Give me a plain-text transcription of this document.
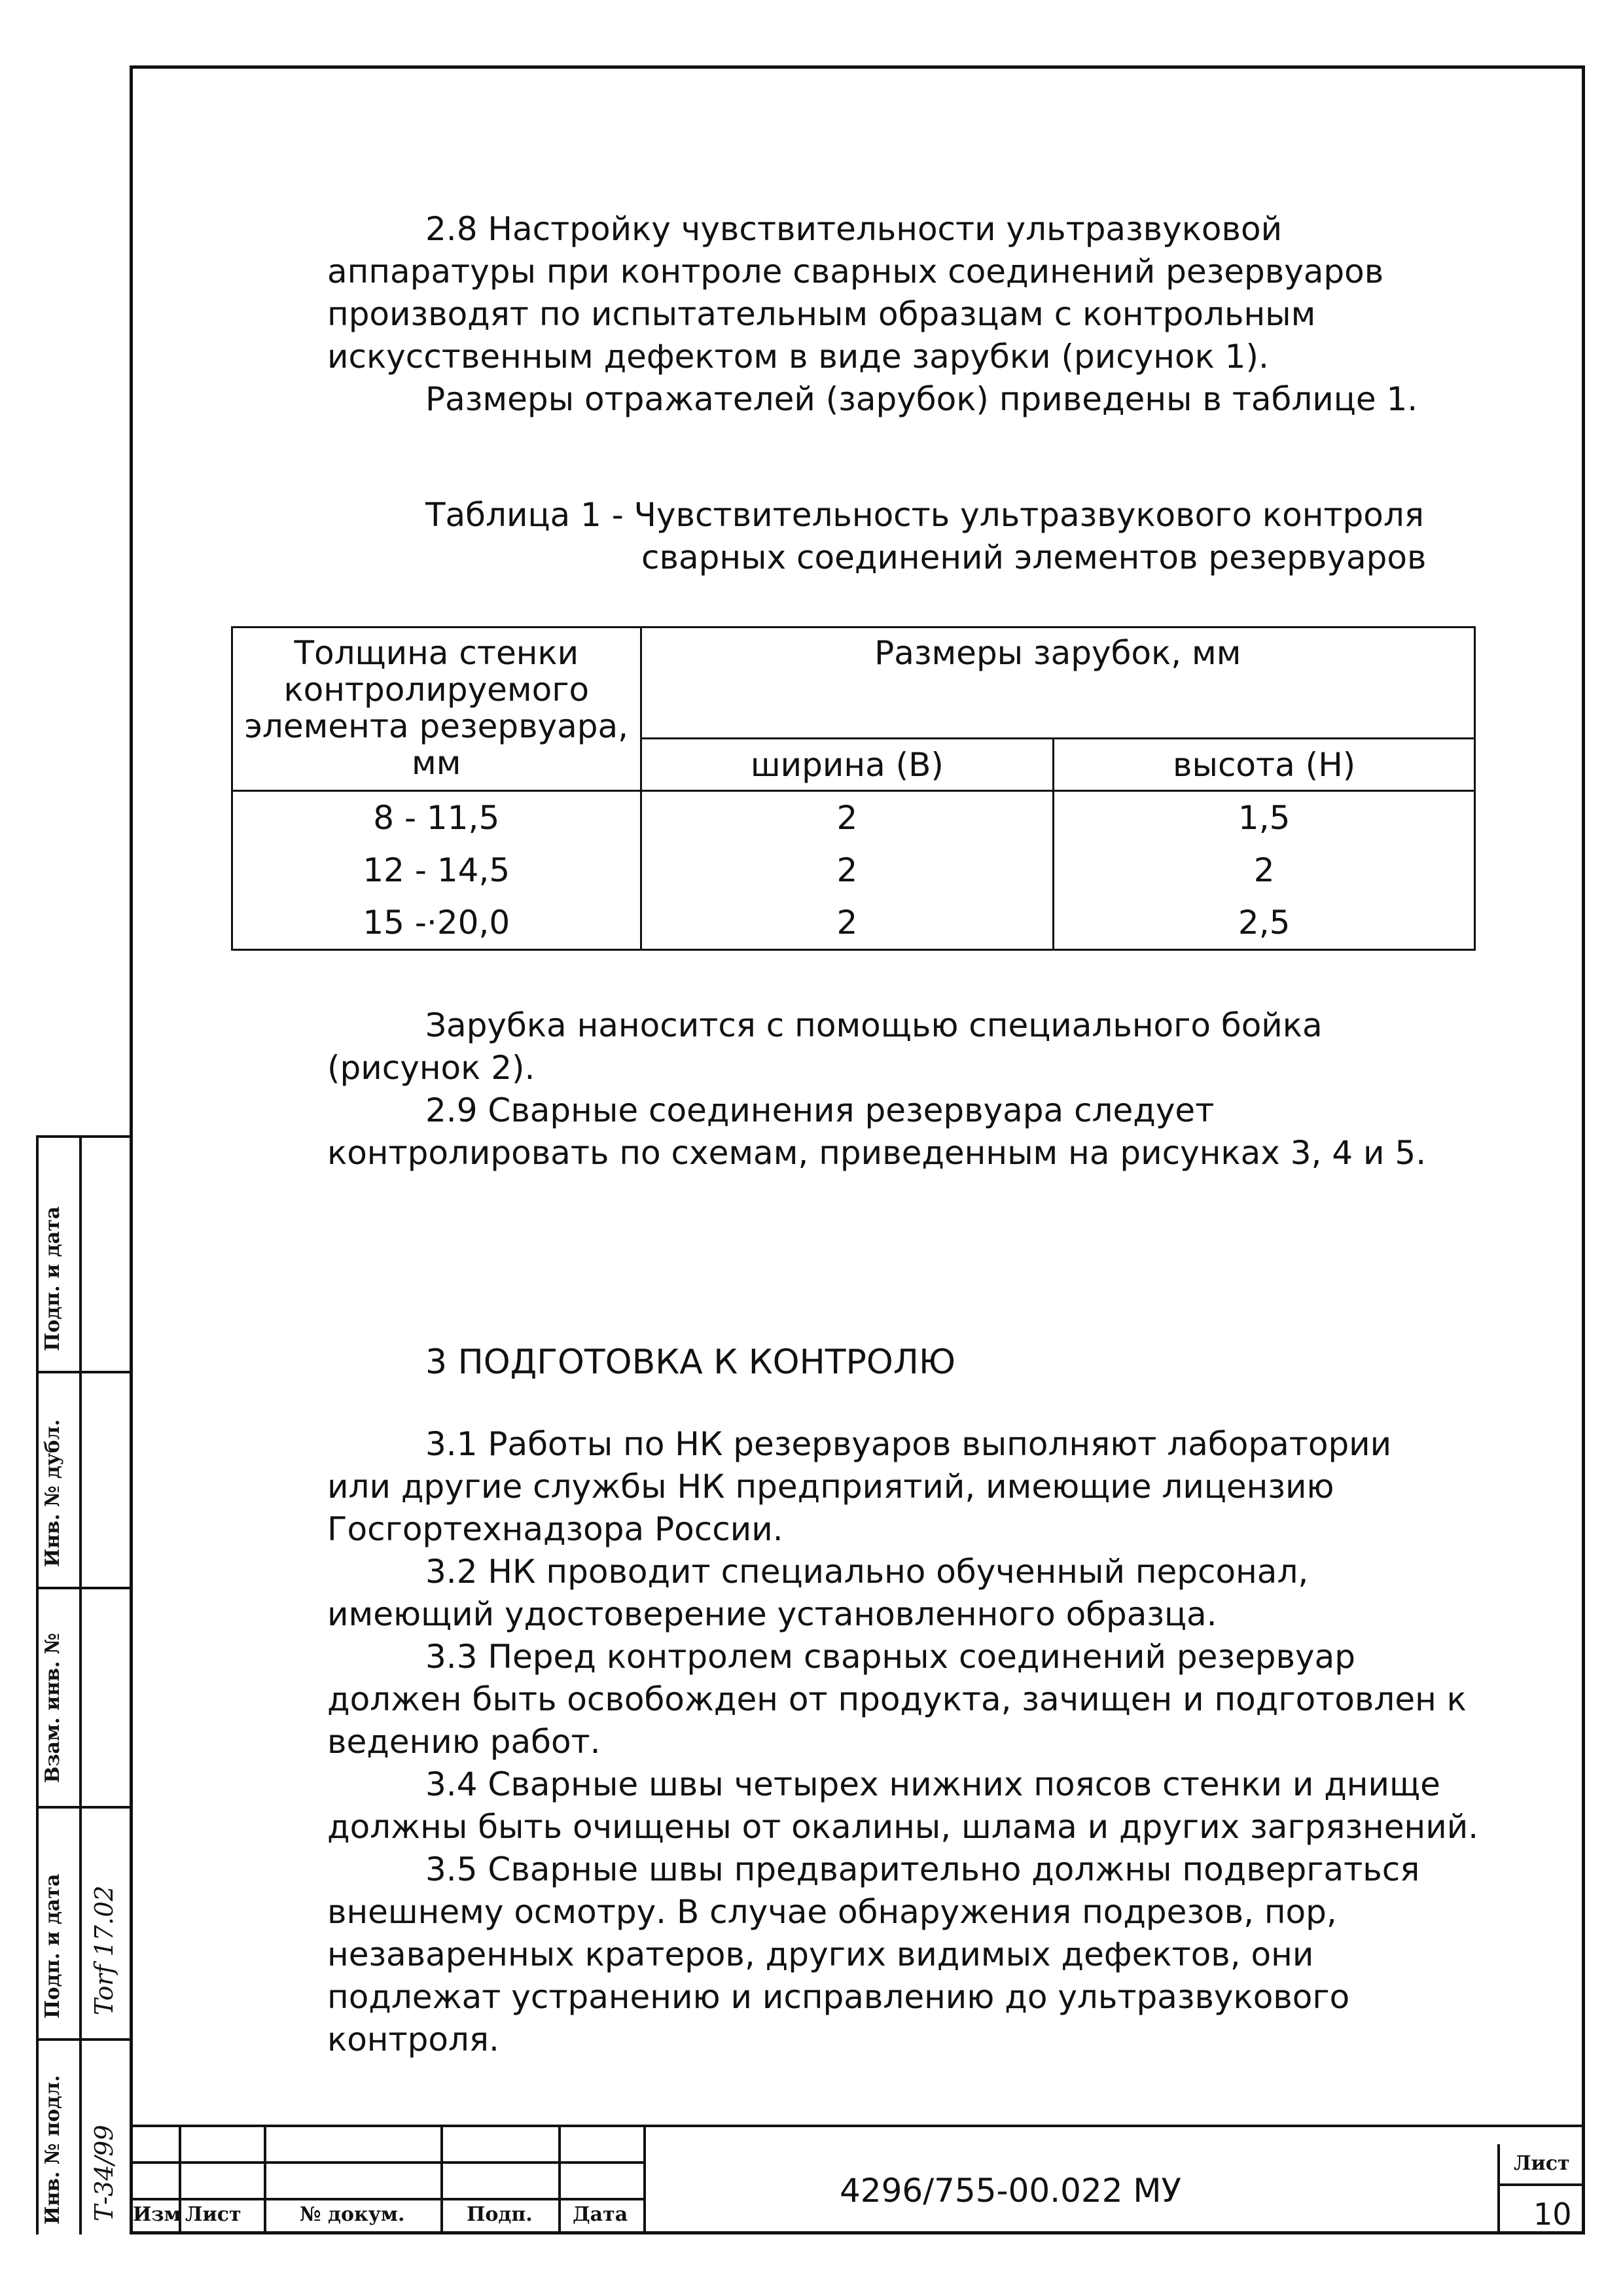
2.8 Настройку чувствительности ультразвуковой
аппаратуры при контроле сварных соединений резервуаров
производят по испытательным образцам с контрольным
искусственным дефектом в виде зарубки (рисунок 1).
Размеры отражателей (зарубок) приведены в таблице 1.
Таблица 1 - Чувствительность ультразвукового контроля
сварных соединений элементов резервуаров
Толщина стенки
контролируемого
элемента резервуара,
мм	Размеры зарубок, мм	
	ширина (В)	высота (Н)
8 - 11,5	2	1,5
12 - 14,5	2	2
15 -·20,0	2	2,5
Зарубка наносится с помощью специального бойка
(рисунок 2).
2.9 Сварные соединения резервуара следует
контролировать по схемам, приведенным на рисунках 3, 4 и 5.
3 ПОДГОТОВКА К КОНТРОЛЮ
3.1 Работы по НК резервуаров выполняют лаборатории
или другие службы НК предприятий, имеющие лицензию
Госгортехнадзора России.
3.2 НК проводит специально обученный персонал,
имеющий удостоверение установленного образца.
3.3 Перед контролем сварных соединений резервуар
должен быть освобожден от продукта, зачищен и подготовлен к
ведению работ.
3.4 Сварные швы четырех нижних поясов стенки и днище
должны быть очищены от окалины, шлама и других загрязнений.
3.5 Сварные швы предварительно должны подвергаться
внешнему осмотру. В случае обнаружения подрезов, пор,
незаваренных кратеров, других видимых дефектов, они
подлежат устранению и исправлению до ультразвукового
контроля.
Подп. и дата
Инв. № дубл.
Взам. инв. №
Подп. и дата
Инв. № подл.
Torf 17.02
Т-34/99 Изм Лист	№ докум.	Подп. Дата
4296/755-00.022 МУ
Лист
10
